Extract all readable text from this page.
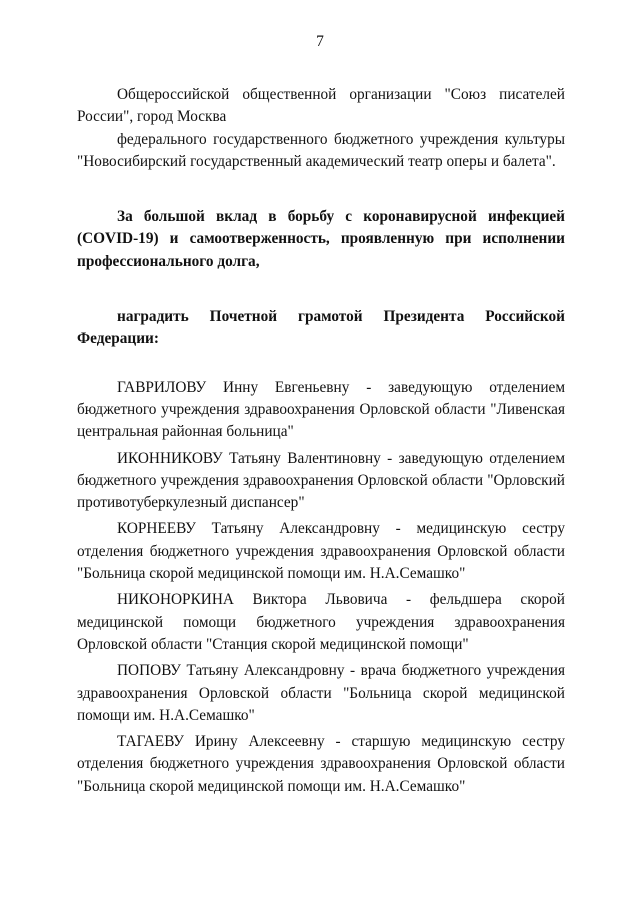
7

Общероссийской общественной организации "Союз писателей России", город Москва

федерального государственного бюджетного учреждения культуры "Новосибирский государственный академический театр оперы и балета".

За большой вклад в борьбу с коронавирусной инфекцией (COVID-19) и самоотверженность, проявленную при исполнении профессионального долга,

наградить Почетной грамотой Президента Российской Федерации:

ГАВРИЛОВУ Инну Евгеньевну - заведующую отделением бюджетного учреждения здравоохранения Орловской области "Ливенская центральная районная больница"

ИКОННИКОВУ Татьяну Валентиновну - заведующую отделением бюджетного учреждения здравоохранения Орловской области "Орловский противотуберкулезный диспансер"

КОРНЕЕВУ Татьяну Александровну - медицинскую сестру отделения бюджетного учреждения здравоохранения Орловской области "Больница скорой медицинской помощи им. Н.А.Семашко"

НИКОНОРКИНА Виктора Львовича - фельдшера скорой медицинской помощи бюджетного учреждения здравоохранения Орловской области "Станция скорой медицинской помощи"

ПОПОВУ Татьяну Александровну - врача бюджетного учреждения здравоохранения Орловской области "Больница скорой медицинской помощи им. Н.А.Семашко"

ТАГАЕВУ Ирину Алексеевну - старшую медицинскую сестру отделения бюджетного учреждения здравоохранения Орловской области "Больница скорой медицинской помощи им. Н.А.Семашко"
